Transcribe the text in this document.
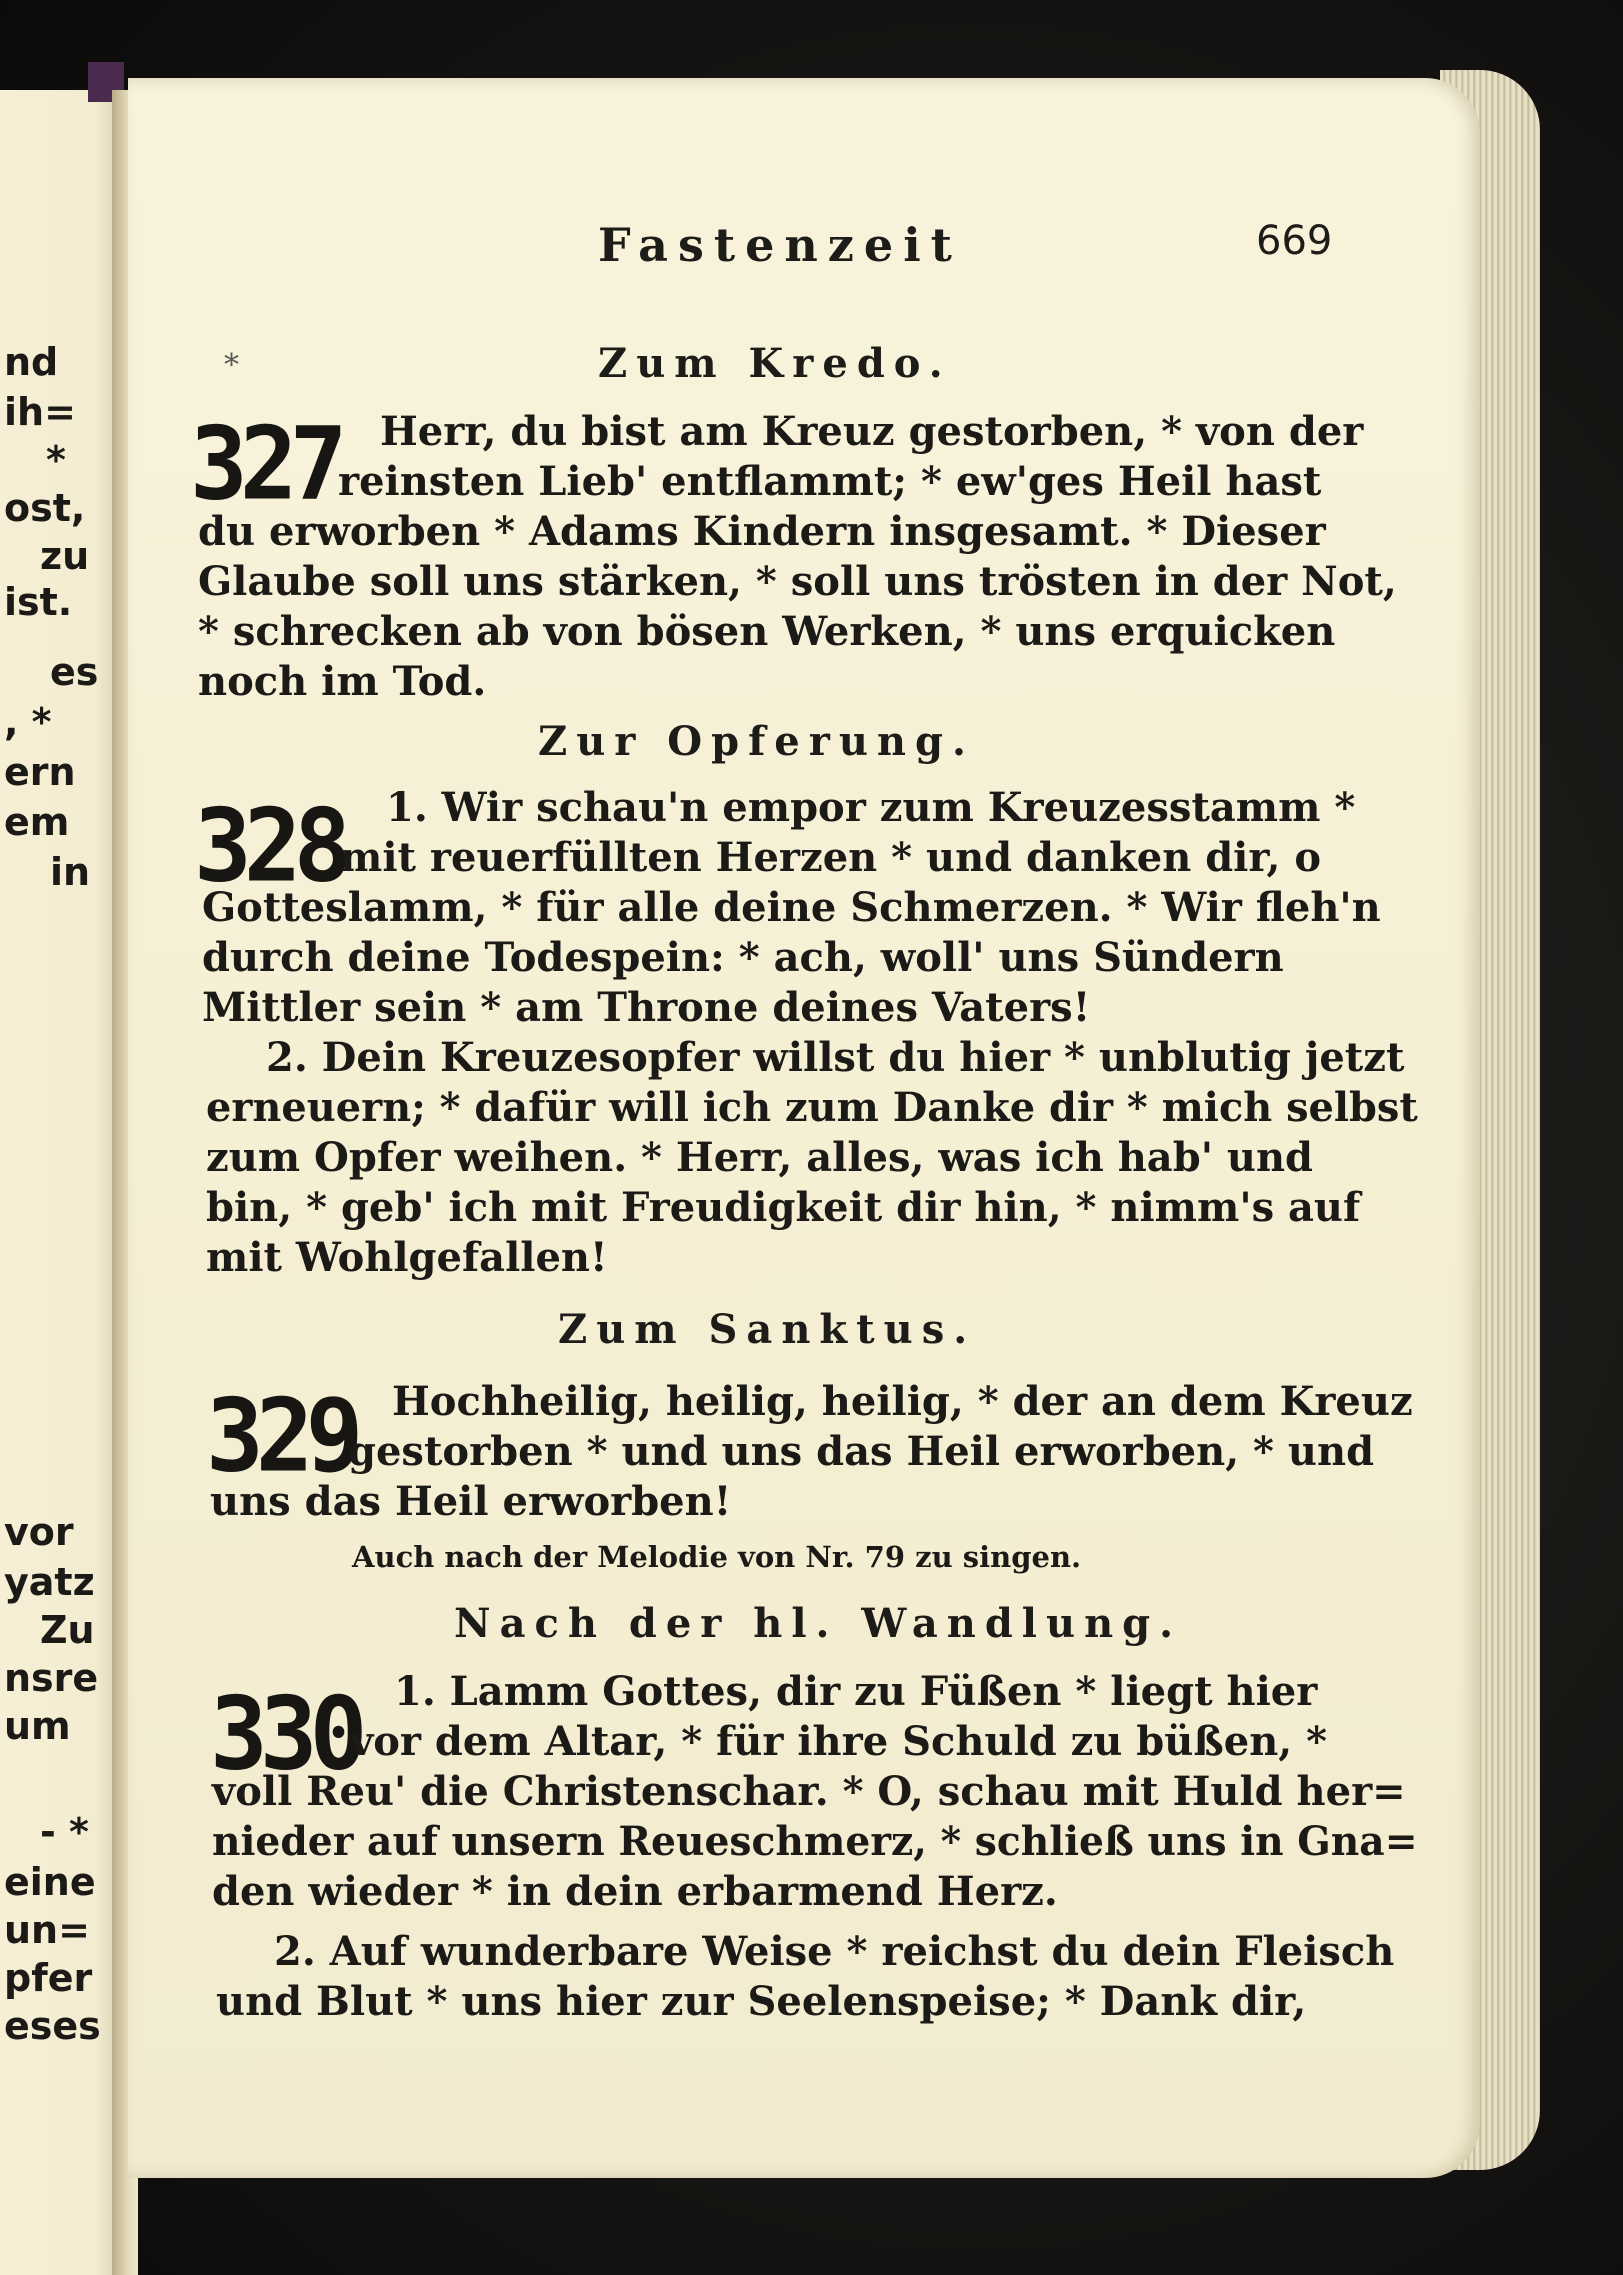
nd
ih=
*
ost,
zu
ist.
es
, *
ern
em
in
vor
yatz
Zu
nsre
um
- *
eine
un=
pfer
eses
Fastenzeit	669
*	Zum Kredo.
327 Herr, du bist am Kreuz gestorben, * von der
reinsten Lieb' entflammt; * ew'ges Heil hast
du erworben * Adams Kindern insgesamt. * Dieser
Glaube soll uns stärken, * soll uns trösten in der Not,
* schrecken ab von bösen Werken, * uns erquicken
noch im Tod.
Zur Opferung.
328 1. Wir schau'n empor zum Kreuzesstamm *
mit reuerfüllten Herzen * und danken dir, o
Gotteslamm, * für alle deine Schmerzen. * Wir fleh'n
durch deine Todespein: * ach, woll' uns Sündern
Mittler sein * am Throne deines Vaters!
2. Dein Kreuzesopfer willst du hier * unblutig jetzt
erneuern; * dafür will ich zum Danke dir * mich selbst
zum Opfer weihen. * Herr, alles, was ich hab' und
bin, * geb' ich mit Freudigkeit dir hin, * nimm's auf
mit Wohlgefallen!
Zum Sanktus.
329 Hochheilig, heilig, heilig, * der an dem Kreuz
gestorben * und uns das Heil erworben, * und
uns das Heil erworben!
Auch nach der Melodie von Nr. 79 zu singen.
Nach der hl. Wandlung.
330 1. Lamm Gottes, dir zu Füßen * liegt hier
vor dem Altar, * für ihre Schuld zu büßen, *
voll Reu' die Christenschar. * O, schau mit Huld her=
nieder auf unsern Reueschmerz, * schließ uns in Gna=
den wieder * in dein erbarmend Herz.
2. Auf wunderbare Weise * reichst du dein Fleisch
und Blut * uns hier zur Seelenspeise; * Dank dir,
